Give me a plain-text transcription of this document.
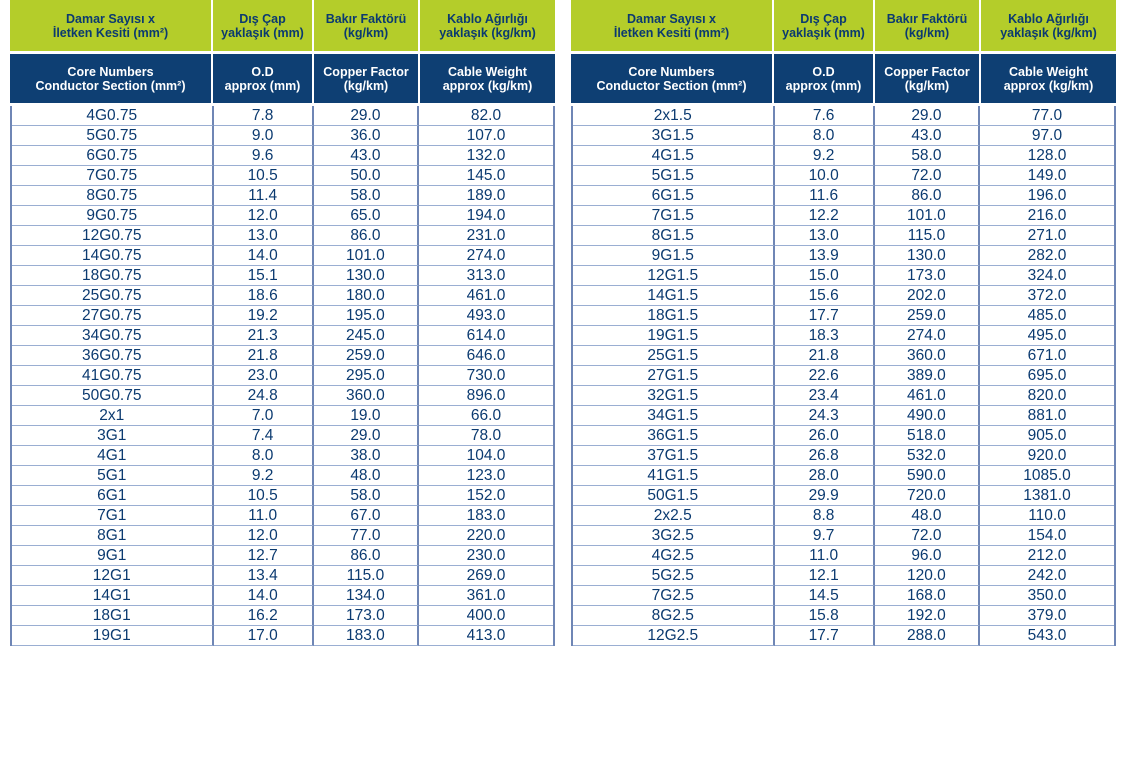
Damar Sayısı x
İletken Kesiti (mm²)
Dış Çap
yaklaşık (mm)
Bakır Faktörü
(kg/km)
Kablo Ağırlığı
yaklaşık (kg/km)
Core Numbers
Conductor Section (mm²)
O.D
approx (mm)
Copper Factor
(kg/km)
Cable Weight
approx (kg/km)
4G0.75	7.8	29.0	82.0
5G0.75	9.0	36.0	107.0
6G0.75	9.6	43.0	132.0
7G0.75	10.5	50.0	145.0
8G0.75	11.4	58.0	189.0
9G0.75	12.0	65.0	194.0
12G0.75	13.0	86.0	231.0
14G0.75	14.0	101.0	274.0
18G0.75	15.1	130.0	313.0
25G0.75	18.6	180.0	461.0
27G0.75	19.2	195.0	493.0
34G0.75	21.3	245.0	614.0
36G0.75	21.8	259.0	646.0
41G0.75	23.0	295.0	730.0
50G0.75	24.8	360.0	896.0
2x1	7.0	19.0	66.0
3G1	7.4	29.0	78.0
4G1	8.0	38.0	104.0
5G1	9.2	48.0	123.0
6G1	10.5	58.0	152.0
7G1	11.0	67.0	183.0
8G1	12.0	77.0	220.0
9G1	12.7	86.0	230.0
12G1	13.4	115.0	269.0
14G1	14.0	134.0	361.0
18G1	16.2	173.0	400.0
19G1	17.0	183.0	413.0
Damar Sayısı x
İletken Kesiti (mm²)
Dış Çap
yaklaşık (mm)
Bakır Faktörü
(kg/km)
Kablo Ağırlığı
yaklaşık (kg/km)
Core Numbers
Conductor Section (mm²)
O.D
approx (mm)
Copper Factor
(kg/km)
Cable Weight
approx (kg/km)
2x1.5	7.6	29.0	77.0
3G1.5	8.0	43.0	97.0
4G1.5	9.2	58.0	128.0
5G1.5	10.0	72.0	149.0
6G1.5	11.6	86.0	196.0
7G1.5	12.2	101.0	216.0
8G1.5	13.0	115.0	271.0
9G1.5	13.9	130.0	282.0
12G1.5	15.0	173.0	324.0
14G1.5	15.6	202.0	372.0
18G1.5	17.7	259.0	485.0
19G1.5	18.3	274.0	495.0
25G1.5	21.8	360.0	671.0
27G1.5	22.6	389.0	695.0
32G1.5	23.4	461.0	820.0
34G1.5	24.3	490.0	881.0
36G1.5	26.0	518.0	905.0
37G1.5	26.8	532.0	920.0
41G1.5	28.0	590.0	1085.0
50G1.5	29.9	720.0	1381.0
2x2.5	8.8	48.0	110.0
3G2.5	9.7	72.0	154.0
4G2.5	11.0	96.0	212.0
5G2.5	12.1	120.0	242.0
7G2.5	14.5	168.0	350.0
8G2.5	15.8	192.0	379.0
12G2.5	17.7	288.0	543.0
